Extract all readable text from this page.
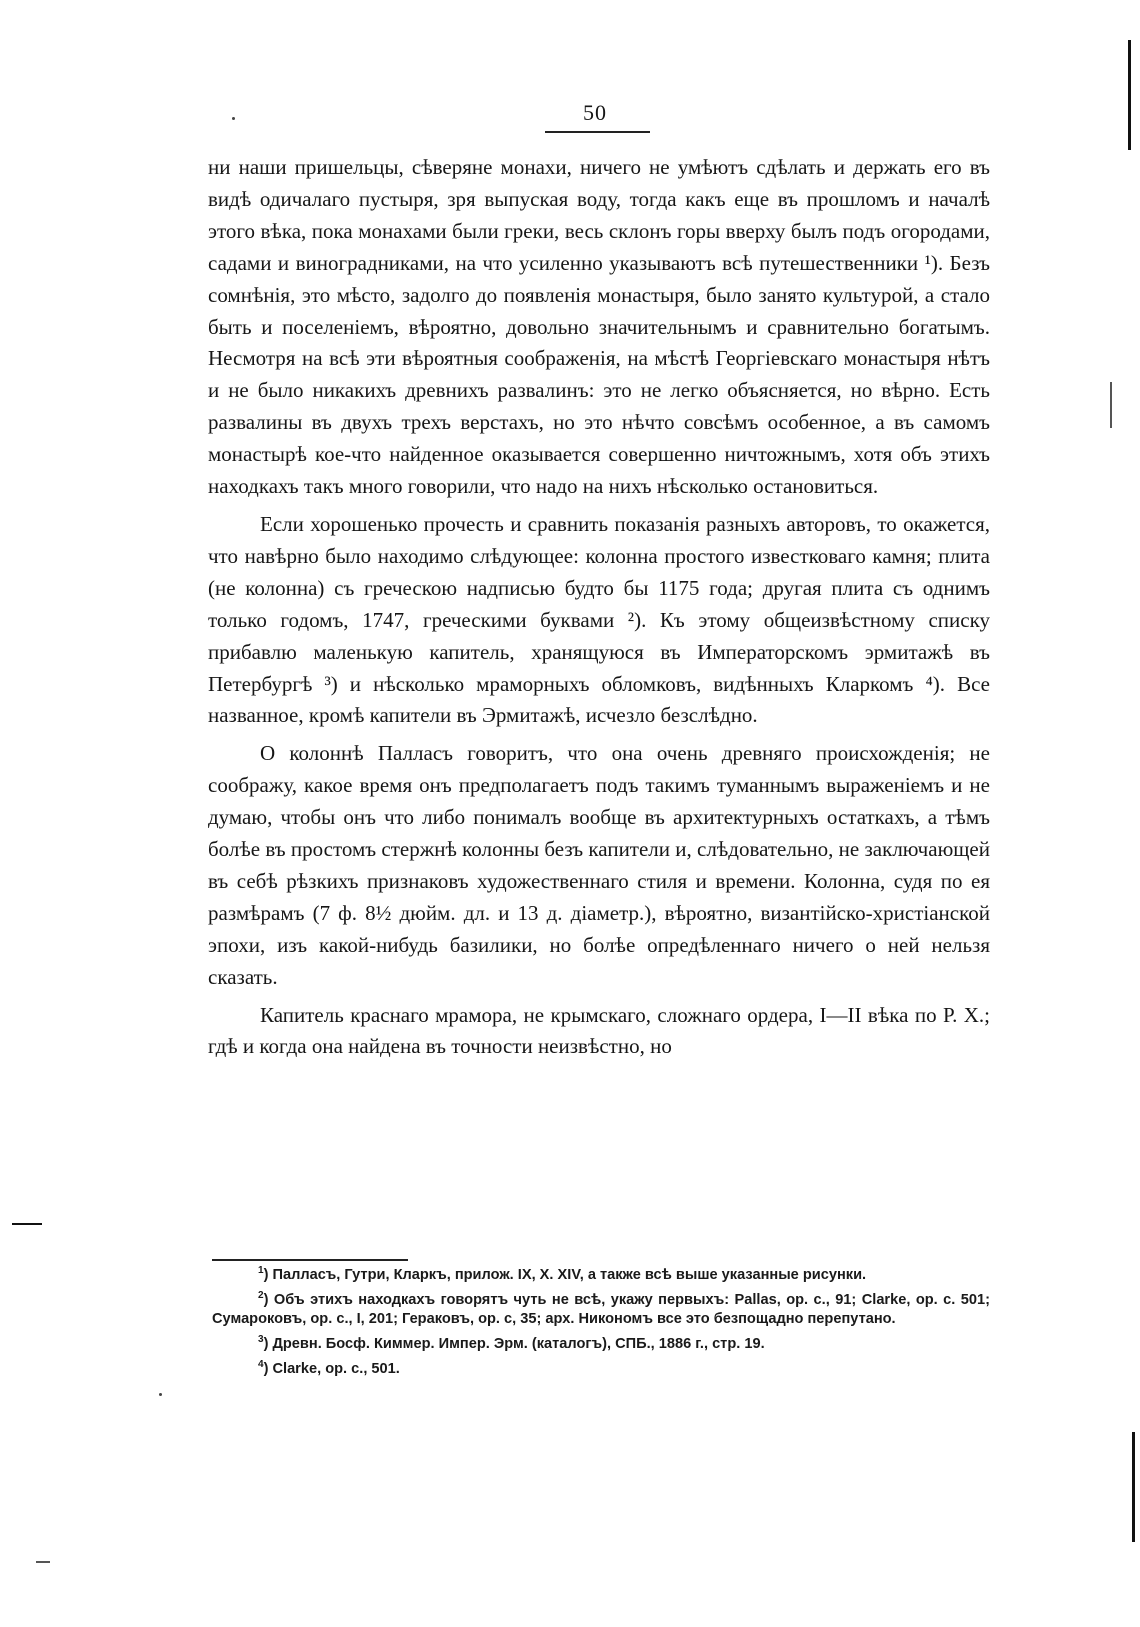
50

ни наши пришельцы, сѣверяне монахи, ничего не умѣютъ сдѣлать и держать его въ видѣ одичалаго пустыря, зря выпуская воду, тогда какъ еще въ прошломъ и началѣ этого вѣка, пока монахами были греки, весь склонъ горы вверху былъ подъ огородами, садами и виноградниками, на что усиленно указываютъ всѣ путешественники ¹). Безъ сомнѣнія, это мѣсто, задолго до появленія монастыря, было занято культурой, а стало быть и поселеніемъ, вѣроятно, довольно значительнымъ и сравнительно богатымъ. Несмотря на всѣ эти вѣроятныя соображенія, на мѣстѣ Георгіевскаго монастыря нѣтъ и не было никакихъ древнихъ развалинъ: это не легко объясняется, но вѣрно. Есть развалины въ двухъ трехъ верстахъ, но это нѣчто совсѣмъ особенное, а въ самомъ монастырѣ кое-что найденное оказывается совершенно ничтожнымъ, хотя объ этихъ находкахъ такъ много говорили, что надо на нихъ нѣсколько остановиться.

Если хорошенько прочесть и сравнить показанія разныхъ авторовъ, то окажется, что навѣрно было находимо слѣдующее: колонна простого известковаго камня; плита (не колонна) съ греческою надписью будто бы 1175 года; другая плита съ однимъ только годомъ, 1747, греческими буквами ²). Къ этому общеизвѣстному списку прибавлю маленькую капитель, хранящуюся въ Императорскомъ эрмитажѣ въ Петербургѣ ³) и нѣсколько мраморныхъ обломковъ, видѣнныхъ Кларкомъ ⁴). Все названное, кромѣ капители въ Эрмитажѣ, исчезло безслѣдно.

О колоннѣ Палласъ говоритъ, что она очень древняго происхожденія; не соображу, какое время онъ предполагаетъ подъ такимъ туманнымъ выраженіемъ и не думаю, чтобы онъ что либо понималъ вообще въ архитектурныхъ остаткахъ, а тѣмъ болѣе въ простомъ стержнѣ колонны безъ капители и, слѣдовательно, не заключающей въ себѣ рѣзкихъ признаковъ художественнаго стиля и времени. Колонна, судя по ея размѣрамъ (7 ф. 8½ дюйм. дл. и 13 д. діаметр.), вѣроятно, византійско-христіанской эпохи, изъ какой-нибудь базилики, но болѣе опредѣленнаго ничего о ней нельзя сказать.

Капитель краснаго мрамора, не крымскаго, сложнаго ордера, I—II вѣка по Р. Х.; гдѣ и когда она найдена въ точности неизвѣстно, но

$^1$) Палласъ, Гутри, Кларкъ, прилож. IX, X. XIV, а также всѣ выше указанные рисунки.

$^2$) Объ этихъ находкахъ говорятъ чуть не всѣ, укажу первыхъ: Pallas, op. c., 91; Clarke, op. c. 501; Сумароковъ, op. c., I, 201; Гераковъ, op. c, 35; арх. Никономъ все это безпощадно перепутано.

$^3$) Древн. Босф. Киммер. Импер. Эрм. (каталогъ), СПБ., 1886 г., стр. 19.

$^4$) Clarke, op. c., 501.
